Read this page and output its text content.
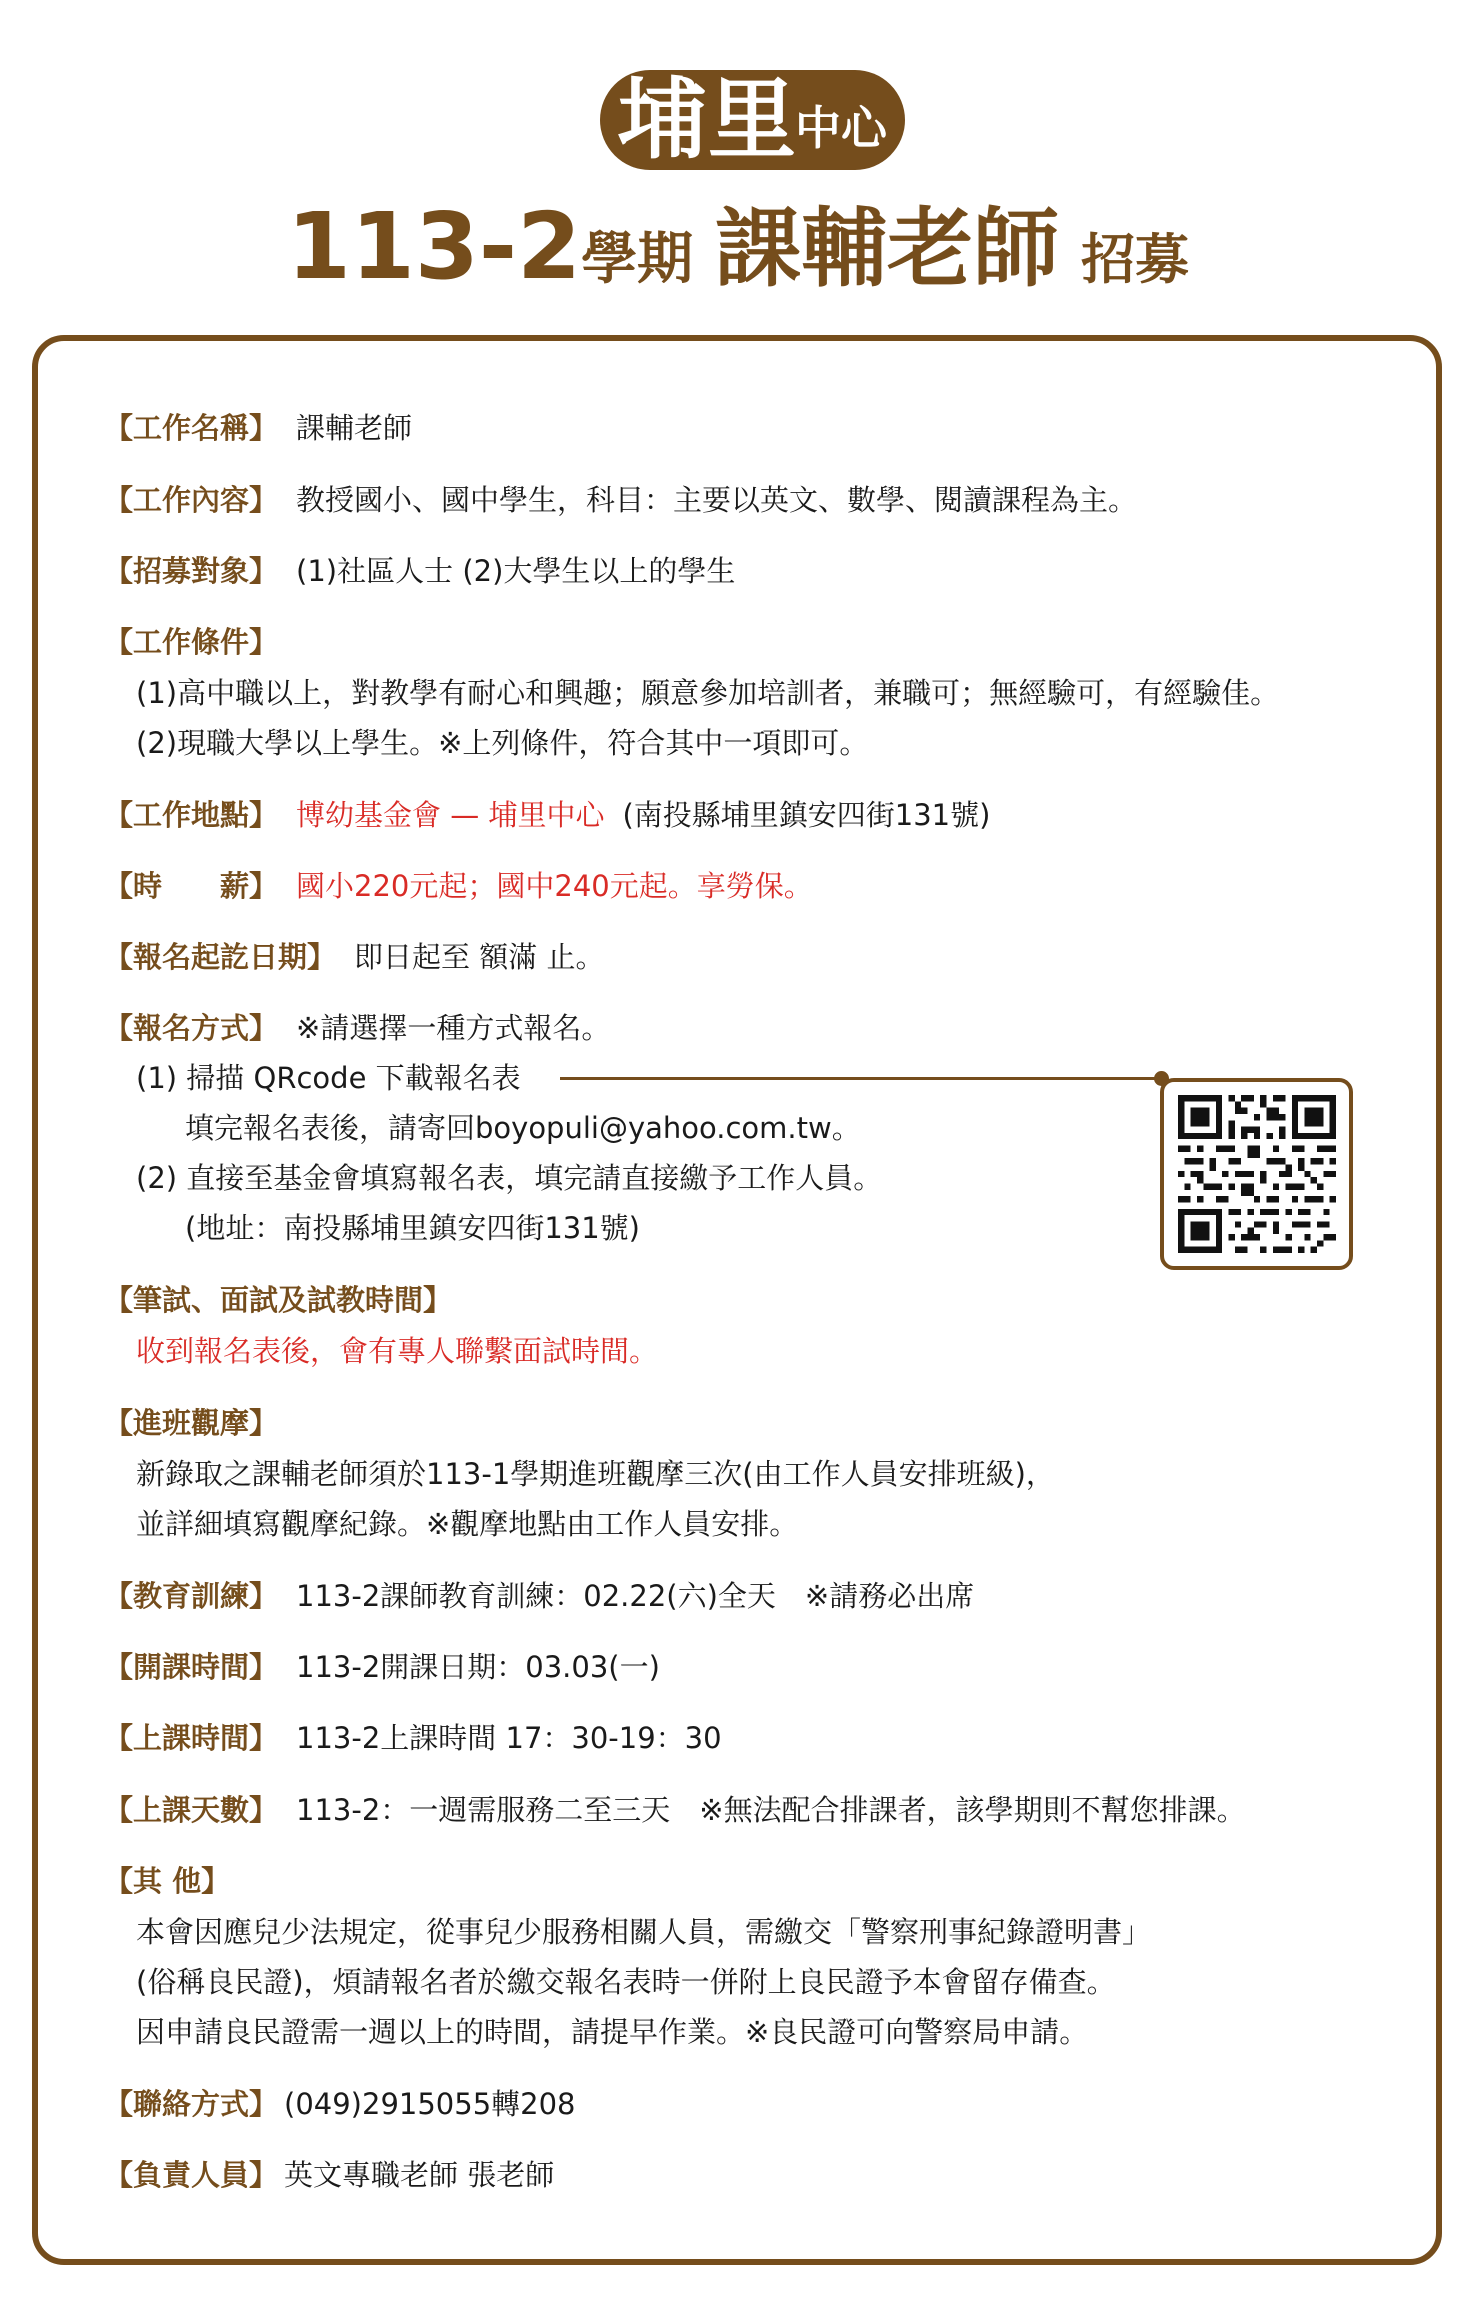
埔里
中心
113-2學期 課輔老師 招募
【工作名稱】 課輔老師
【工作內容】 教授國小、國中學生，科目：主要以英文、數學、閱讀課程為主。
【招募對象】 (1)社區人士 (2)大學生以上的學生
【工作條件】
(1)高中職以上，對教學有耐心和興趣；願意參加培訓者，兼職可；無經驗可，有經驗佳。
(2)現職大學以上學生。※上列條件，符合其中一項即可。
【工作地點】 博幼基金會 — 埔里中心 (南投縣埔里鎮安四街131號)
【時　　薪】 國小220元起；國中240元起。享勞保。
【報名起訖日期】 即日起至 額滿 止。
【報名方式】 ※請選擇一種方式報名。
(1) 掃描 QRcode 下載報名表
填完報名表後，請寄回boyopuli@yahoo.com.tw。
(2) 直接至基金會填寫報名表，填完請直接繳予工作人員。
(地址：南投縣埔里鎮安四街131號)
【筆試、面試及試教時間】
收到報名表後，會有專人聯繫面試時間。
【進班觀摩】
新錄取之課輔老師須於113-1學期進班觀摩三次(由工作人員安排班級)，
並詳細填寫觀摩紀錄。※觀摩地點由工作人員安排。
【教育訓練】 113-2課師教育訓練：02.22(六)全天　※請務必出席
【開課時間】 113-2開課日期：03.03(一)
【上課時間】 113-2上課時間 17：30-19：30
【上課天數】 113-2：一週需服務二至三天　※無法配合排課者，該學期則不幫您排課。
【其 他】
本會因應兒少法規定，從事兒少服務相關人員，需繳交「警察刑事紀錄證明書」
(俗稱良民證)，煩請報名者於繳交報名表時一併附上良民證予本會留存備查。
因申請良民證需一週以上的時間，請提早作業。※良民證可向警察局申請。
【聯絡方式】 (049)2915055轉208
【負責人員】 英文專職老師 張老師
